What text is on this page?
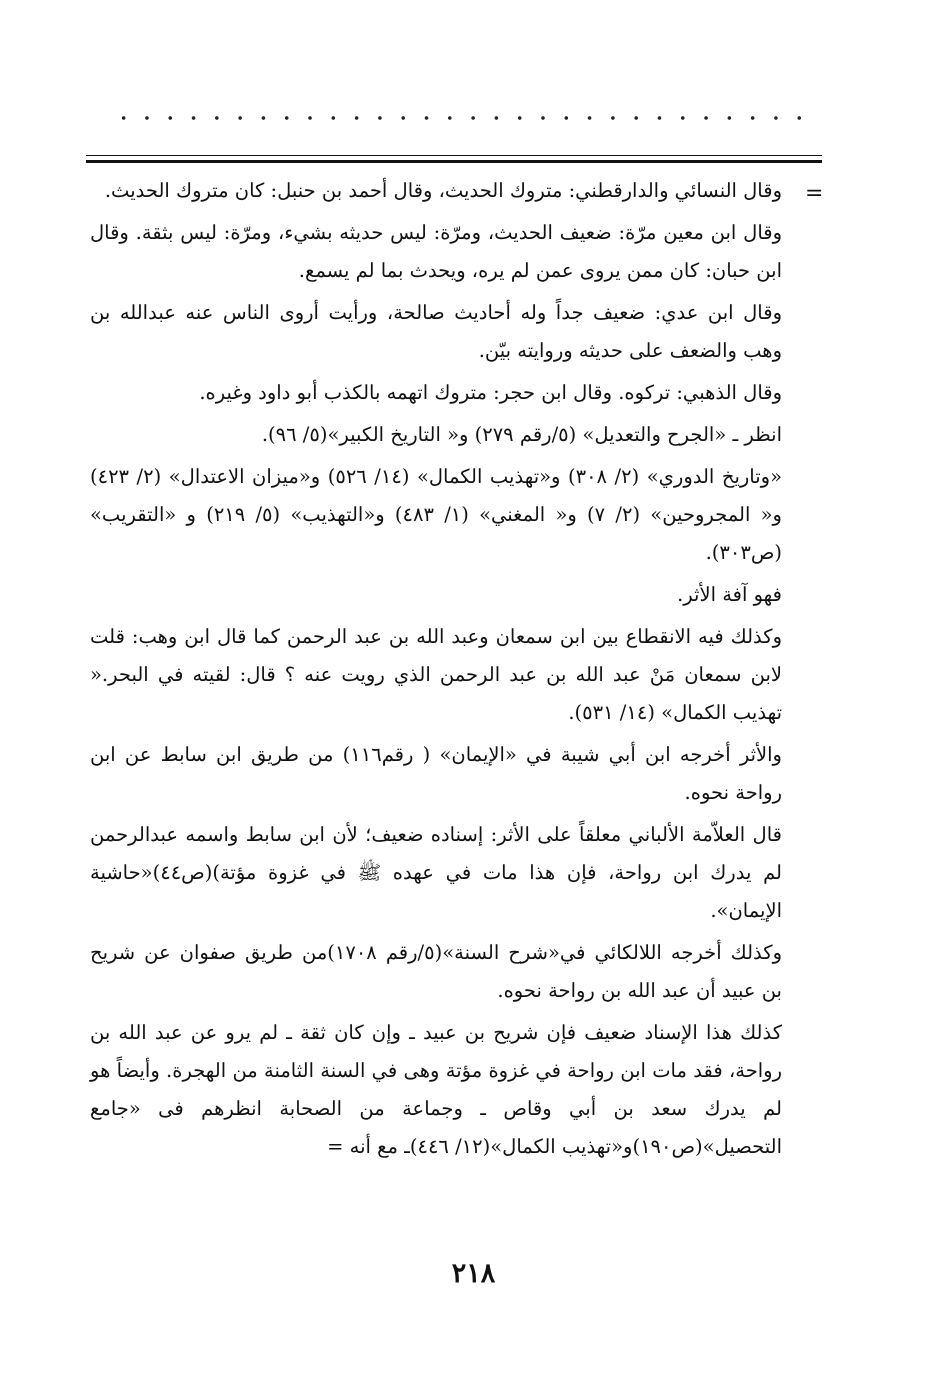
=

وقال النسائي والدارقطني: متروك الحديث، وقال أحمد بن حنبل: كان متروك الحديث.

وقال ابن معين مرّة: ضعيف الحديث، ومرّة: ليس حديثه بشيء، ومرّة: ليس بثقة. وقال ابن حبان: كان ممن يروى عمن لم يره، ويحدث بما لم يسمع.

وقال ابن عدي: ضعيف جداً وله أحاديث صالحة، ورأيت أروى الناس عنه عبدالله بن وهب والضعف على حديثه وروايته بيّن.

وقال الذهبي: تركوه. وقال ابن حجر: متروك اتهمه بالكذب أبو داود وغيره.

انظر ـ «الجرح والتعديل» (٥/رقم ٢٧٩) و« التاريخ الكبير»(٥/ ٩٦).

«وتاريخ الدوري» (٢/ ٣٠٨) و«تهذيب الكمال» (١٤/ ٥٢٦) و«ميزان الاعتدال» (٢/ ٤٢٣) و« المجروحين» (٢/ ٧) و« المغني» (١/ ٤٨٣) و«التهذيب» (٥/ ٢١٩) و «التقريب» (ص٣٠٣).

فهو آفة الأثر.

وكذلك فيه الانقطاع بين ابن سمعان وعبد الله بن عبد الرحمن كما قال ابن وهب: قلت لابن سمعان مَنْ عبد الله بن عبد الرحمن الذي رويت عنه ؟ قال: لقيته في البحر.« تهذيب الكمال» (١٤/ ٥٣١).

والأثر أخرجه ابن أبي شيبة في «الإيمان» ( رقم١١٦) من طريق ابن سابط عن ابن رواحة نحوه.

قال العلاّمة الألباني معلقاً على الأثر: إسناده ضعيف؛ لأن ابن سابط واسمه عبدالرحمن لم يدرك ابن رواحة، فإن هذا مات في عهده ﷺ في غزوة مؤتة)(ص٤٤)«حاشية الإيمان».

وكذلك أخرجه اللالكائي في«شرح السنة»(٥/رقم ١٧٠٨)من طريق صفوان عن شريح بن عبيد أن عبد الله بن رواحة نحوه.

كذلك هذا الإسناد ضعيف فإن شريح بن عبيد ـ وإن كان ثقة ـ لم يرو عن عبد الله بن رواحة، فقد مات ابن رواحة في غزوة مؤتة وهى في السنة الثامنة من الهجرة. وأيضاً هو لم يدرك سعد بن أبي وقاص ـ وجماعة من الصحابة انظرهم فى «جامع التحصيل»(ص١٩٠)و«تهذيب الكمال»(١٢/ ٤٤٦)ـ مع أنه =

٢١٨
